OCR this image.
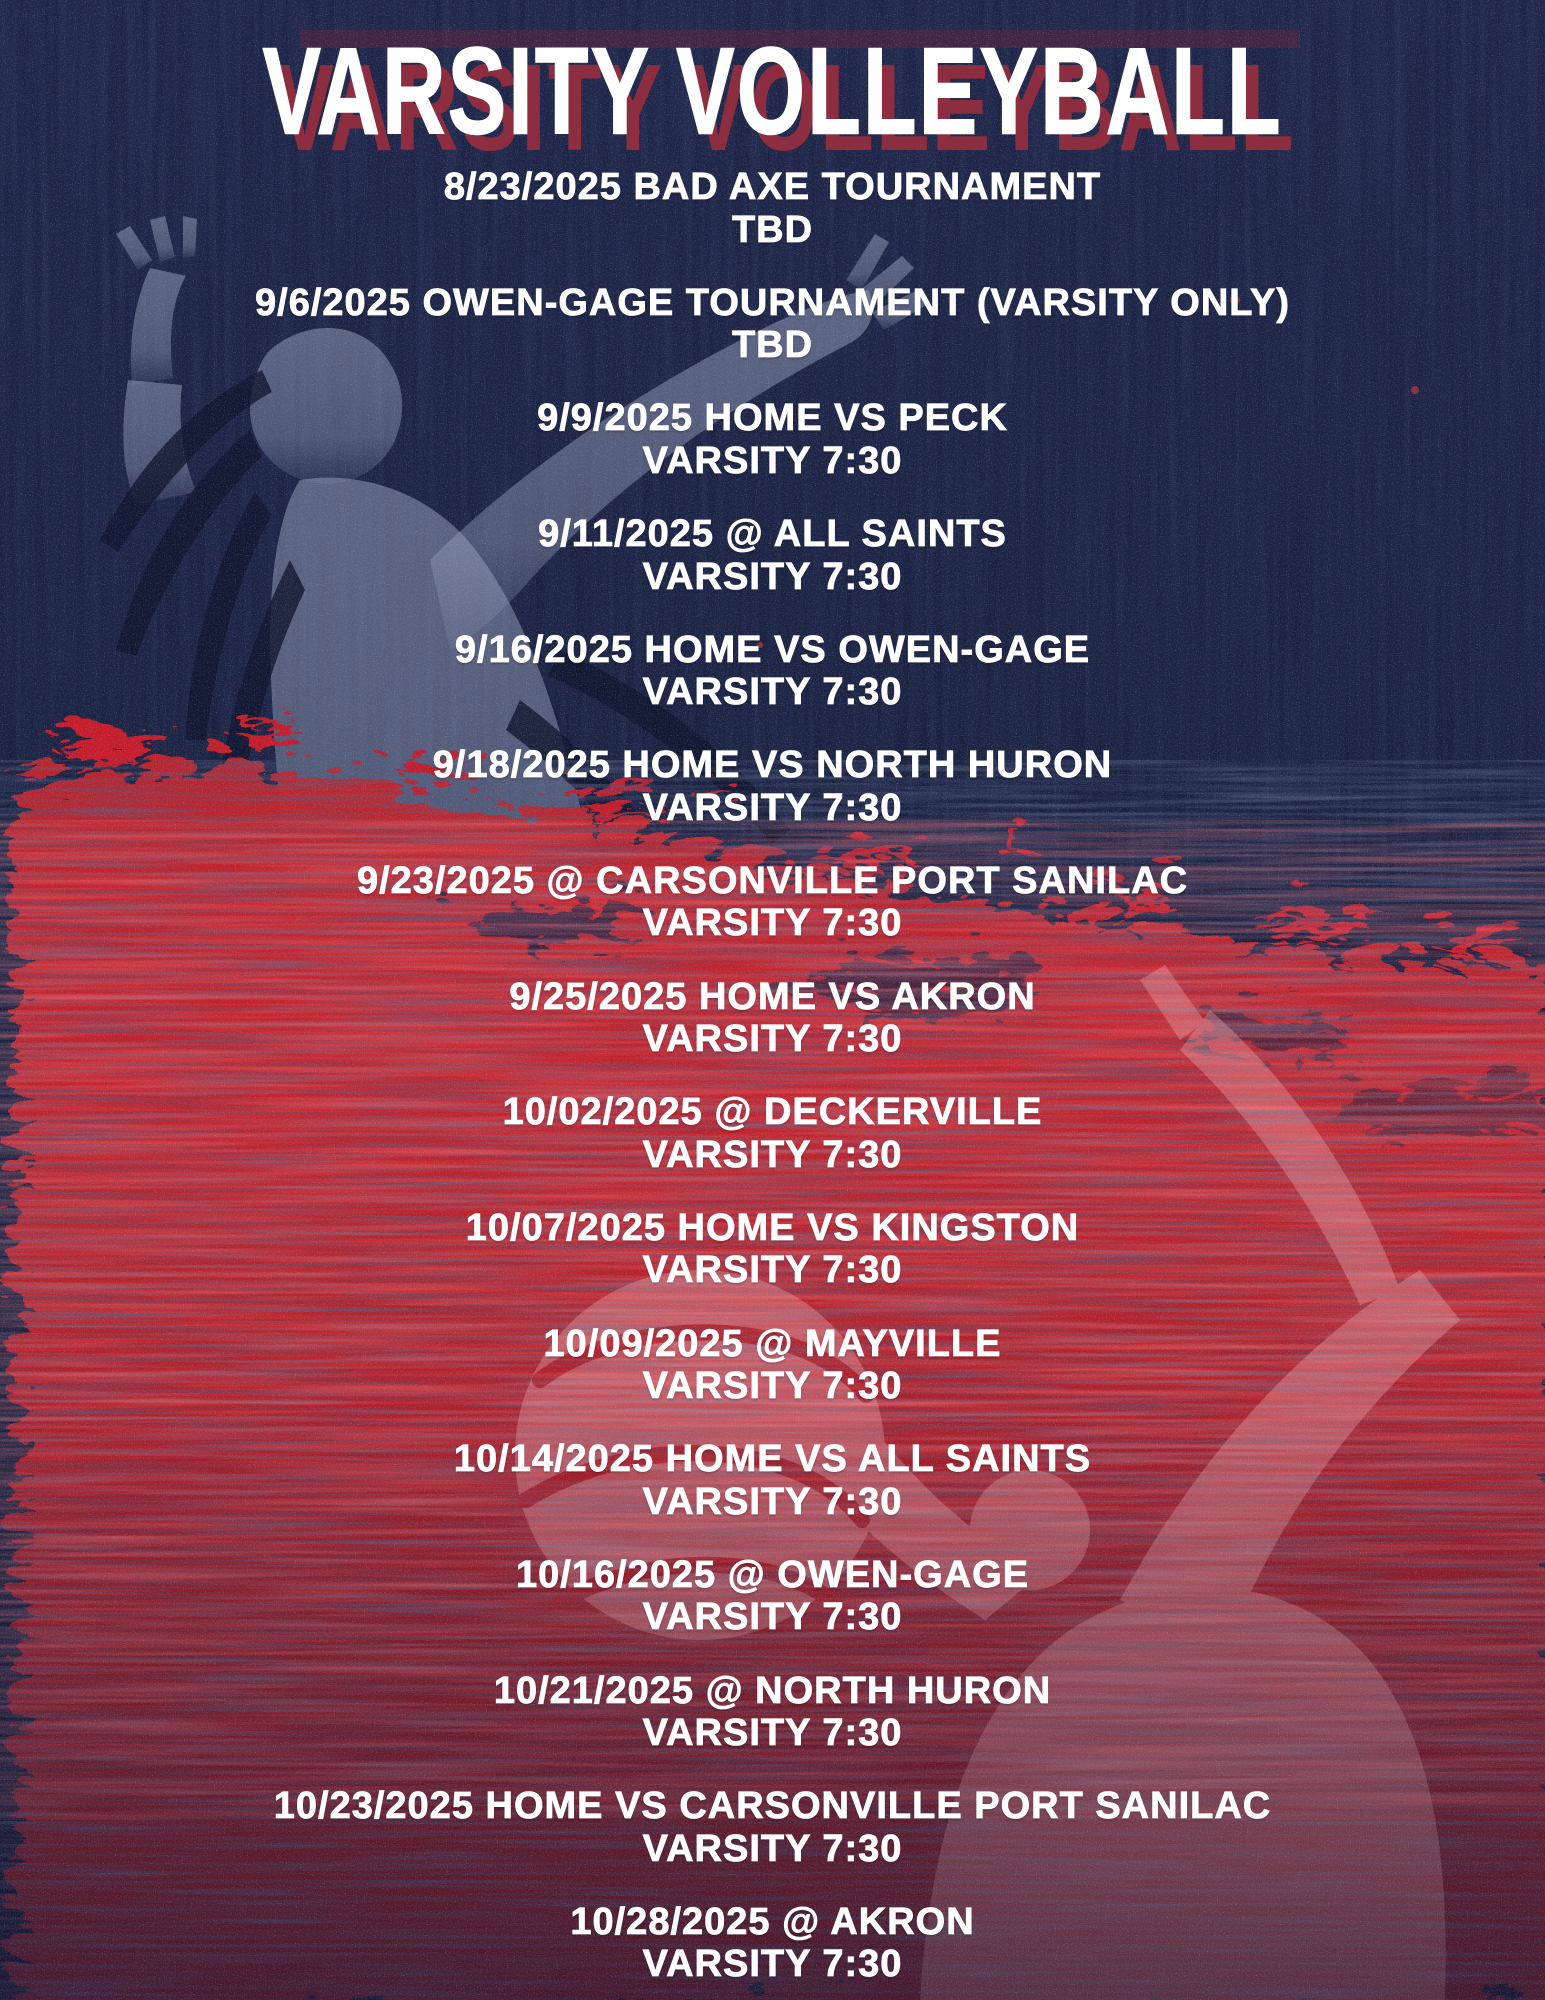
VARSITY VOLLEYBALL
8/23/2025 BAD AXE TOURNAMENT
TBD
9/6/2025 OWEN-GAGE TOURNAMENT (VARSITY ONLY)
TBD
9/9/2025 HOME VS PECK
VARSITY 7:30
9/11/2025 @ ALL SAINTS
VARSITY 7:30
9/16/2025 HOME VS OWEN-GAGE
VARSITY 7:30
9/18/2025 HOME VS NORTH HURON
VARSITY 7:30
9/23/2025 @ CARSONVILLE PORT SANILAC
VARSITY 7:30
9/25/2025 HOME VS AKRON
VARSITY 7:30
10/02/2025 @ DECKERVILLE
VARSITY 7:30
10/07/2025 HOME VS KINGSTON
VARSITY 7:30
10/09/2025 @ MAYVILLE
VARSITY 7:30
10/14/2025 HOME VS ALL SAINTS
VARSITY 7:30
10/16/2025 @ OWEN-GAGE
VARSITY 7:30
10/21/2025 @ NORTH HURON
VARSITY 7:30
10/23/2025 HOME VS CARSONVILLE PORT SANILAC
VARSITY 7:30
10/28/2025 @ AKRON
VARSITY 7:30
